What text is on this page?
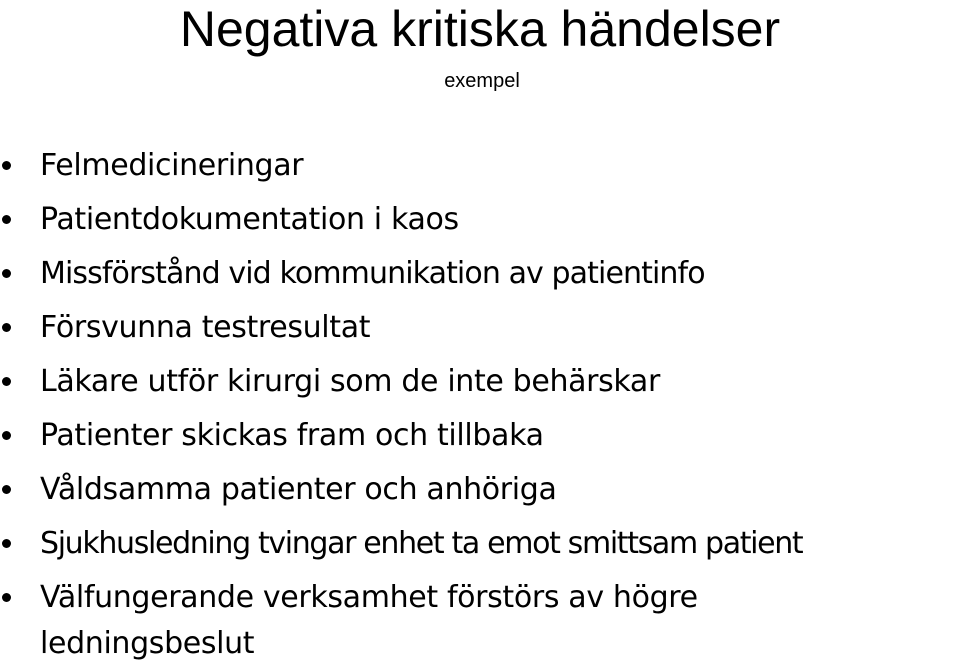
Negativa kritiska händelser
exempel
Felmedicineringar
Patientdokumentation i kaos
Missförstånd vid kommunikation av patientinfo
Försvunna testresultat
Läkare utför kirurgi som de inte behärskar
Patienter skickas fram och tillbaka
Våldsamma patienter och anhöriga
Sjukhusledning tvingar enhet ta emot smittsam patient
Välfungerande verksamhet förstörs av högre ledningsbeslut
